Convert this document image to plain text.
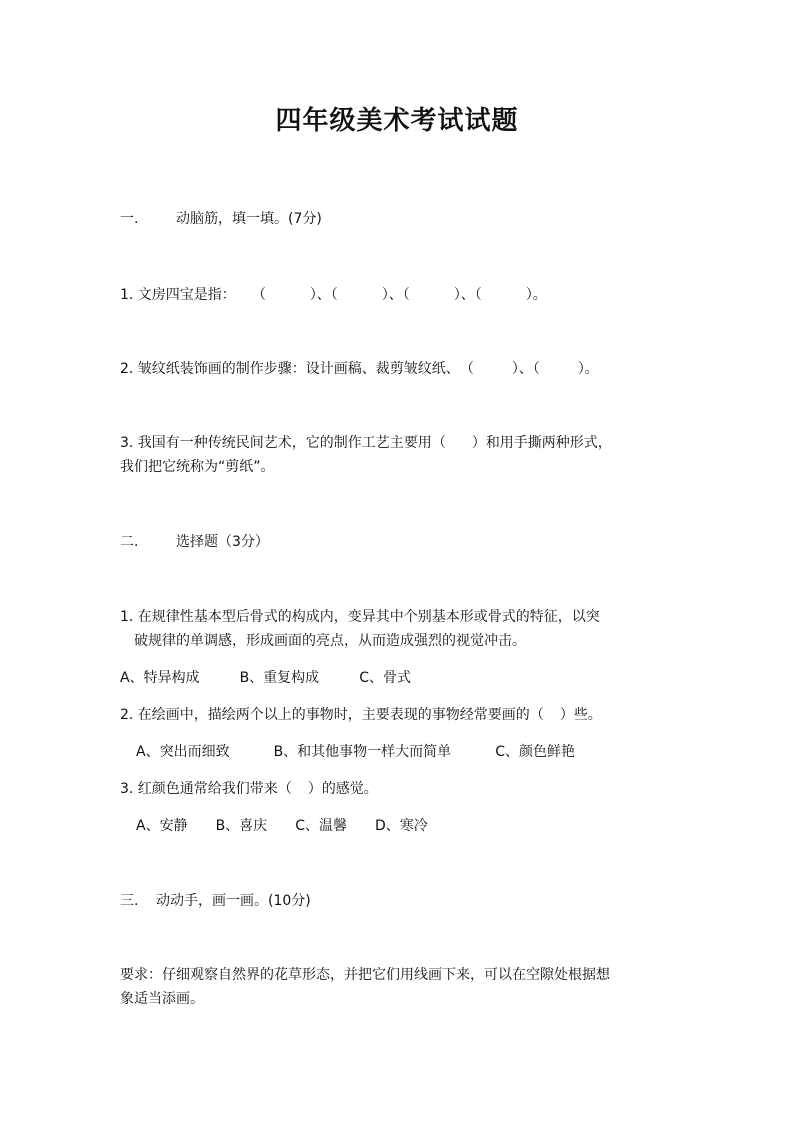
四年级美术考试试题
一.	动脑筋，填一填。(7分)
1. 文房四宝是指： （	）、（	）、（	）、（	）。
2. 皱纹纸装饰画的制作步骤：设计画稿、裁剪皱纹纸、（	）、（	）。
3. 我国有一种传统民间艺术，它的制作工艺主要用（ ）和用手撕两种形式，
我们把它统称为“剪纸”。
二.	选择题（3分）
1. 在规律性基本型后骨式的构成内，变异其中个别基本形或骨式的特征，以突
破规律的单调感，形成画面的亮点，从而造成强烈的视觉冲击。
A、特异构成	B、重复构成	C、骨式
2. 在绘画中，描绘两个以上的事物时，主要表现的事物经常要画的（ ）些。
A、突出而细致	B、和其他事物一样大而简单	C、颜色鲜艳
3. 红颜色通常给我们带来（ ）的感觉。
A、安静 B、喜庆 C、温馨 D、寒冷
三. 动动手，画一画。(10分)
要求：仔细观察自然界的花草形态，并把它们用线画下来，可以在空隙处根据想
象适当添画。
